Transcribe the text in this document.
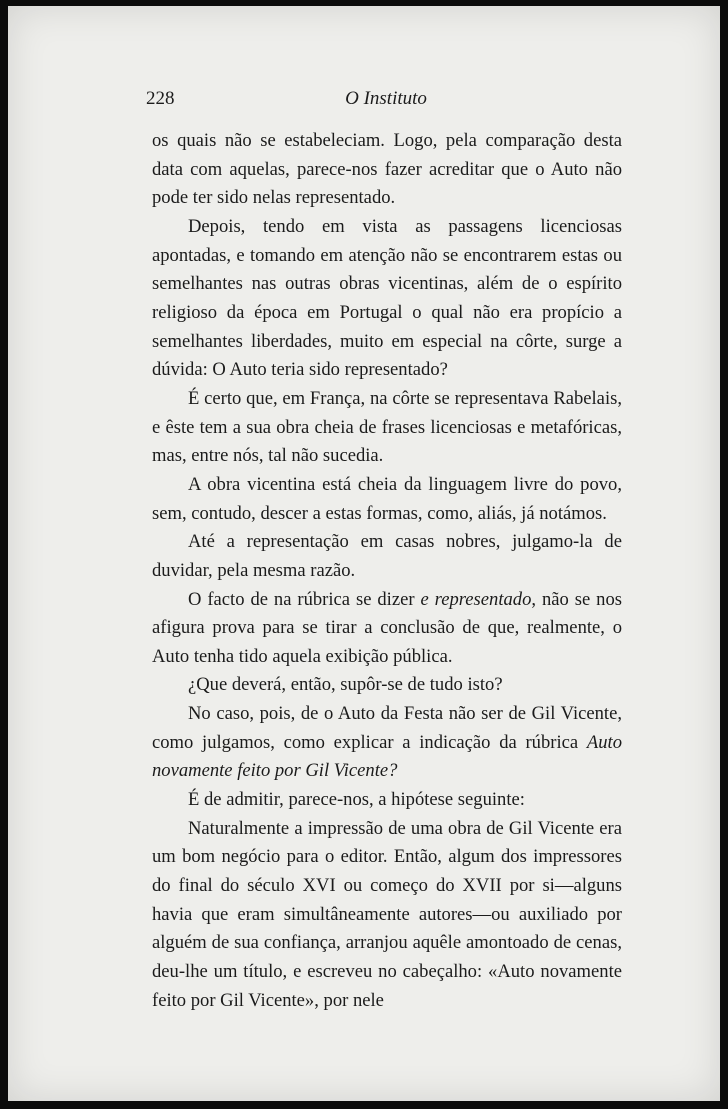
228	O Instituto

os quais não se estabeleciam. Logo, pela comparação desta data com aquelas, parece-nos fazer acreditar que o Auto não pode ter sido nelas representado.

Depois, tendo em vista as passagens licenciosas apontadas, e tomando em atenção não se encontrarem estas ou semelhantes nas outras obras vicentinas, além de o espírito religioso da época em Portugal o qual não era propício a semelhantes liberdades, muito em especial na côrte, surge a dúvida: O Auto teria sido representado?

É certo que, em França, na côrte se representava Rabelais, e êste tem a sua obra cheia de frases licenciosas e metafóricas, mas, entre nós, tal não sucedia.

A obra vicentina está cheia da linguagem livre do povo, sem, contudo, descer a estas formas, como, aliás, já notámos.

Até a representação em casas nobres, julgamo-la de duvidar, pela mesma razão.

O facto de na rúbrica se dizer e representado, não se nos afigura prova para se tirar a conclusão de que, realmente, o Auto tenha tido aquela exibição pública.

¿Que deverá, então, supôr-se de tudo isto?

No caso, pois, de o Auto da Festa não ser de Gil Vicente, como julgamos, como explicar a indicação da rúbrica Auto novamente feito por Gil Vicente?

É de admitir, parece-nos, a hipótese seguinte:

Naturalmente a impressão de uma obra de Gil Vicente era um bom negócio para o editor. Então, algum dos impressores do final do século XVI ou começo do XVII por si—alguns havia que eram simultâneamente autores—ou auxiliado por alguém de sua confiança, arranjou aquêle amontoado de cenas, deu-lhe um título, e escreveu no cabeçalho: «Auto novamente feito por Gil Vicente», por nele
